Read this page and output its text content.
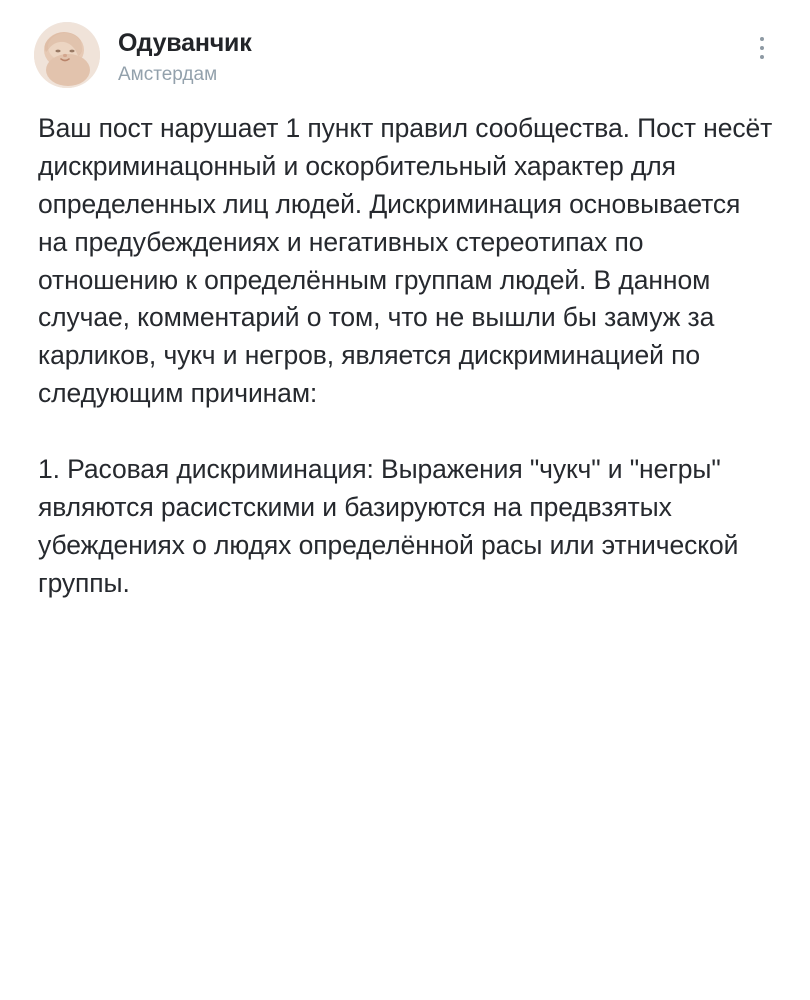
Одуванчик
Амстердам

Ваш пост нарушает 1 пункт правил сообщества. Пост несёт дискриминацонный и оскорбительный характер для определенных лиц людей. Дискриминация основывается на предубеждениях и негативных стереотипах по отношению к определённым группам людей. В данном случае, комментарий о том, что не вышли бы замуж за карликов, чукч и негров, является дискриминацией по следующим причинам:

1. Расовая дискриминация: Выражения "чукч" и "негры" являются расистскими и базируются на предвзятых убеждениях о людях определённой расы или этнической группы.
